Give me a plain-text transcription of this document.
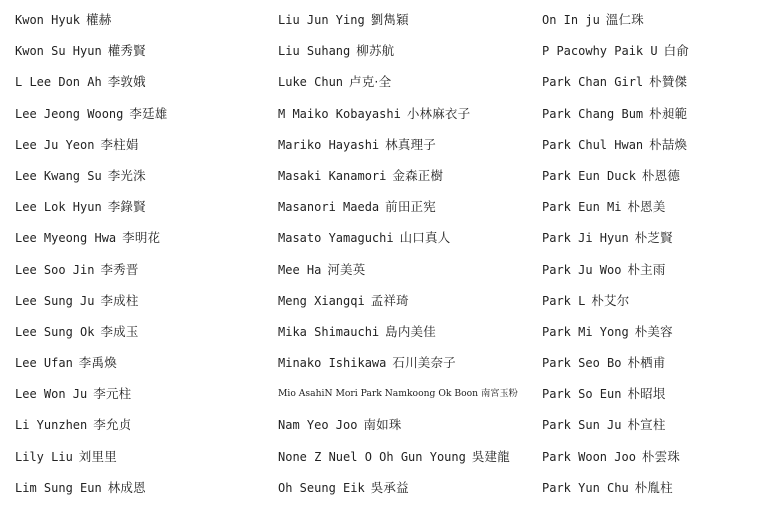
Kwon Hyuk 權赫
Kwon Su Hyun 權秀賢
L Lee Don Ah 李敦娥
Lee Jeong Woong 李廷雄
Lee Ju Yeon 李柱娟
Lee Kwang Su 李光洙
Lee Lok Hyun 李錄賢
Lee Myeong Hwa 李明花
Lee Soo Jin 李秀晋
Lee Sung Ju 李成柱
Lee Sung Ok 李成玉
Lee Ufan 李禹煥
Lee Won Ju 李元柱
Li Yunzhen 李允贞
Lily Liu 刘里里
Lim Sung Eun 林成恩
Liu Jun Ying 劉雋穎
Liu Suhang 柳苏航
Luke Chun 卢克·全
M Maiko Kobayashi 小林麻衣子
Mariko Hayashi 林真理子
Masaki Kanamori 金森正樹
Masanori Maeda 前田正宪
Masato Yamaguchi 山口真人
Mee Ha 河美英
Meng Xiangqi 孟祥琦
Mika Shimauchi 島内美佳
Minako Ishikawa 石川美奈子
Mio AsahiN Mori Park Namkoong Ok Boon 南宮玉粉
Nam Yeo Joo 南如珠
None Z Nuel O Oh Gun Young 吳建龍
Oh Seung Eik 吳承益
On In ju 溫仁珠
P Pacowhy Paik U 白俞
Park Chan Girl 朴贊傑
Park Chang Bum 朴昶範
Park Chul Hwan 朴喆煥
Park Eun Duck 朴恩德
Park Eun Mi 朴恩美
Park Ji Hyun 朴芝賢
Park Ju Woo 朴主雨
Park L 朴艾尔
Park Mi Yong 朴美容
Park Seo Bo 朴栖甫
Park So Eun 朴昭垠
Park Sun Ju 朴宣柱
Park Woon Joo 朴雲珠
Park Yun Chu 朴胤柱
